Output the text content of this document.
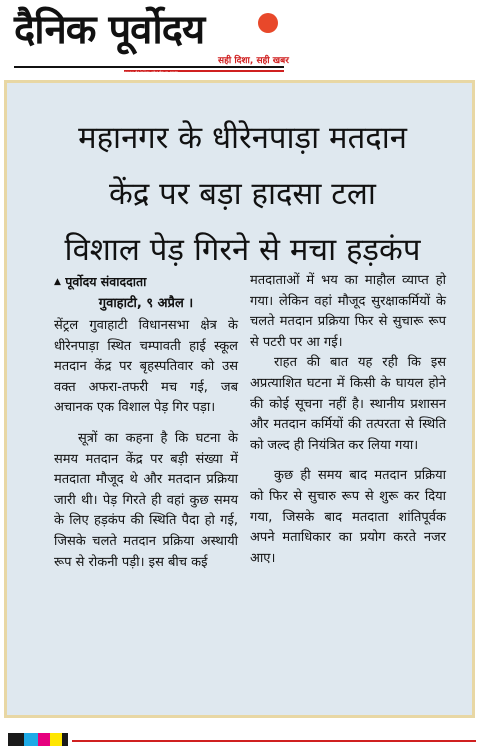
दैनिक पूर्वोदय
www.dainikpurbodaya.com
सही दिशा, सही खबर
महानगर के धीरेनपाड़ा मतदान
केंद्र पर बड़ा हादसा टला
विशाल पेड़ गिरने से मचा हड़कंप
▲ पूर्वोदय संवाददाता
गुवाहाटी, ९ अप्रैल ।

सेंट्रल गुवाहाटी विधानसभा क्षेत्र के धीरेनपाड़ा स्थित चम्पावती हाई स्कूल मतदान केंद्र पर बृहस्पतिवार को उस वक्त अफरा-तफरी मच गई, जब अचानक एक विशाल पेड़ गिर पड़ा।

सूत्रों का कहना है कि घटना के समय मतदान केंद्र पर बड़ी संख्या में मतदाता मौजूद थे और मतदान प्रक्रिया जारी थी। पेड़ गिरते ही वहां कुछ समय के लिए हड़कंप की स्थिति पैदा हो गई, जिसके चलते मतदान प्रक्रिया अस्थायी रूप से रोकनी पड़ी। इस बीच कई

मतदाताओं में भय का माहौल व्याप्त हो गया। लेकिन वहां मौजूद सुरक्षाकर्मियों के चलते मतदान प्रक्रिया फिर से सुचारू रूप से पटरी पर आ गई।

राहत की बात यह रही कि इस अप्रत्याशित घटना में किसी के घायल होने की कोई सूचना नहीं है। स्थानीय प्रशासन और मतदान कर्मियों की तत्परता से स्थिति को जल्द ही नियंत्रित कर लिया गया।

कुछ ही समय बाद मतदान प्रक्रिया को फिर से सुचारु रूप से शुरू कर दिया गया, जिसके बाद मतदाता शांतिपूर्वक अपने मताधिकार का प्रयोग करते नजर आए।
